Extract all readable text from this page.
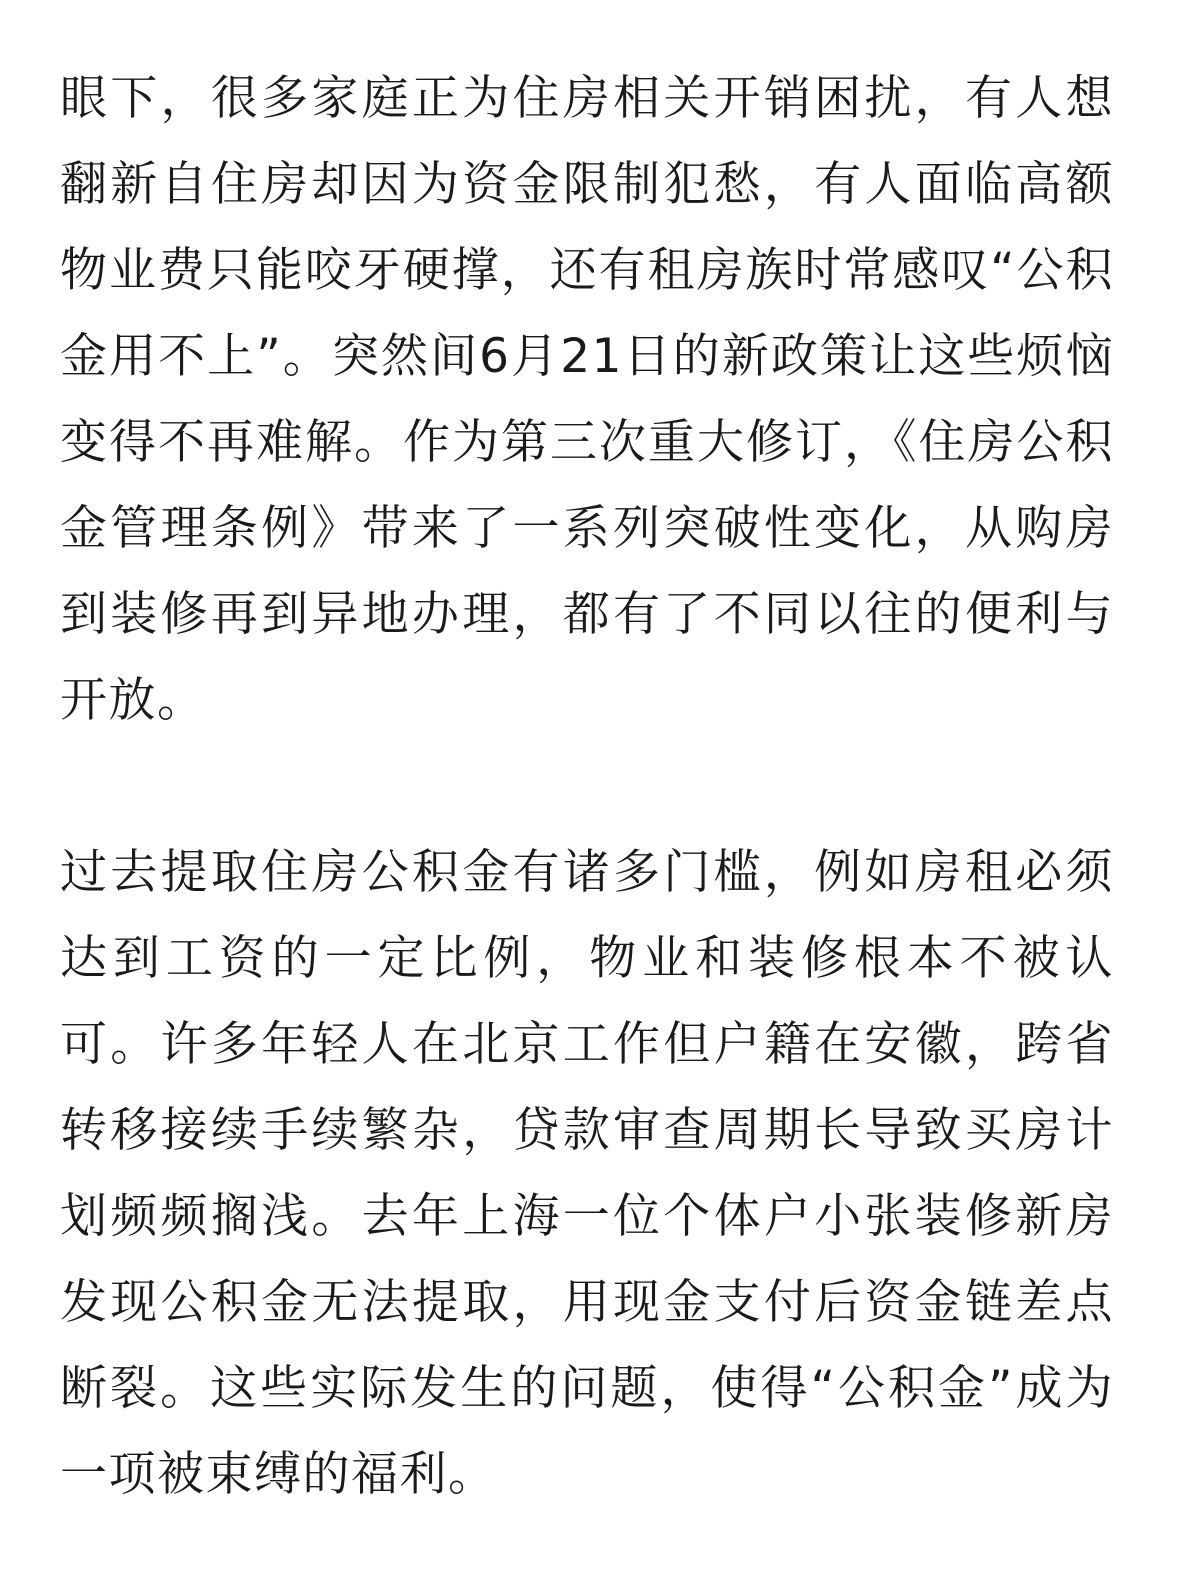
眼下，很多家庭正为住房相关开销困扰，有人想翻新自住房却因为资金限制犯愁，有人面临高额物业费只能咬牙硬撑，还有租房族时常感叹“公积金用不上”。突然间6月21日的新政策让这些烦恼变得不再难解。作为第三次重大修订，《住房公积金管理条例》带来了一系列突破性变化，从购房到装修再到异地办理，都有了不同以往的便利与开放。

过去提取住房公积金有诸多门槛，例如房租必须达到工资的一定比例，物业和装修根本不被认可。许多年轻人在北京工作但户籍在安徽，跨省转移接续手续繁杂，贷款审查周期长导致买房计划频频搁浅。去年上海一位个体户小张装修新房发现公积金无法提取，用现金支付后资金链差点断裂。这些实际发生的问题，使得“公积金”成为一项被束缚的福利。
